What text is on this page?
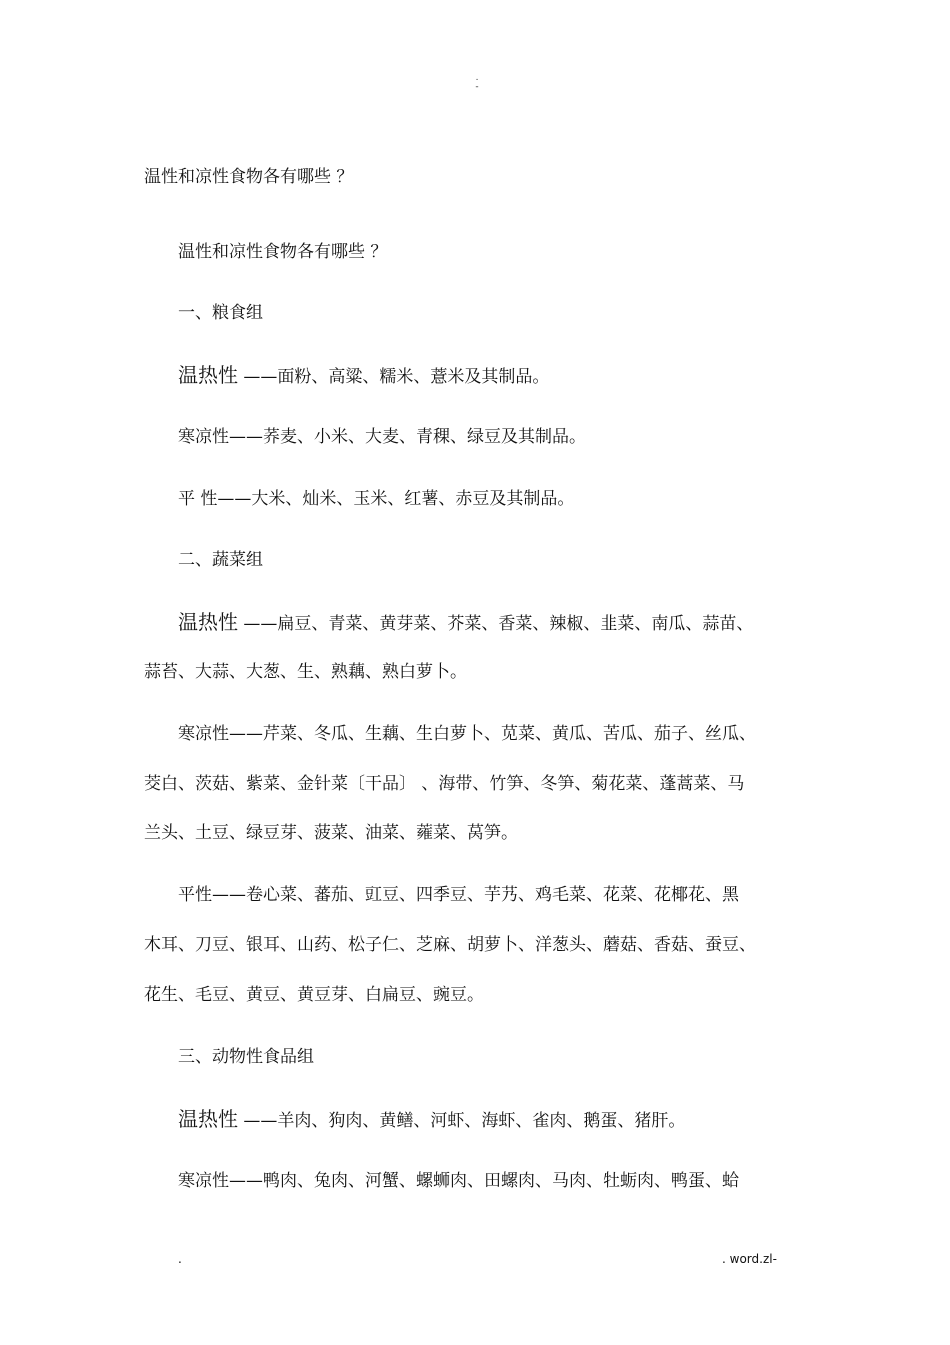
.
-
温性和凉性食物各有哪些 ？
温性和凉性食物各有哪些 ？
一、粮食组
温热性 ——面粉、高粱、糯米、薏米及其制品。
寒凉性——荞麦、小米、大麦、青稞、绿豆及其制品。
平 性——大米、灿米、玉米、红薯、赤豆及其制品。
二、蔬菜组
温热性 ——扁豆、青菜、黄芽菜、芥菜、香菜、辣椒、韭菜、南瓜、蒜苗、
蒜苔、大蒜、大葱、生、熟藕、熟白萝卜。
寒凉性——芹菜、冬瓜、生藕、生白萝卜、苋菜、黄瓜、苦瓜、茄子、丝瓜、
茭白、茨菇、紫菜、金针菜〔干品〕 、海带、竹笋、冬笋、菊花菜、蓬蒿菜、马
兰头、土豆、绿豆芽、菠菜、油菜、蕹菜、莴笋。
平性——卷心菜、蕃茄、豇豆、四季豆、芋艿、鸡毛菜、花菜、花椰花、黑
木耳、刀豆、银耳、山药、松子仁、芝麻、胡萝卜、洋葱头、蘑菇、香菇、蚕豆、
花生、毛豆、黄豆、黄豆芽、白扁豆、豌豆。
三、动物性食品组
温热性 ——羊肉、狗肉、黄鳝、河虾、海虾、雀肉、鹅蛋、猪肝。
寒凉性——鸭肉、兔肉、河蟹、螺蛳肉、田螺肉、马肉、牡蛎肉、鸭蛋、蛤
.	. word.zl-
